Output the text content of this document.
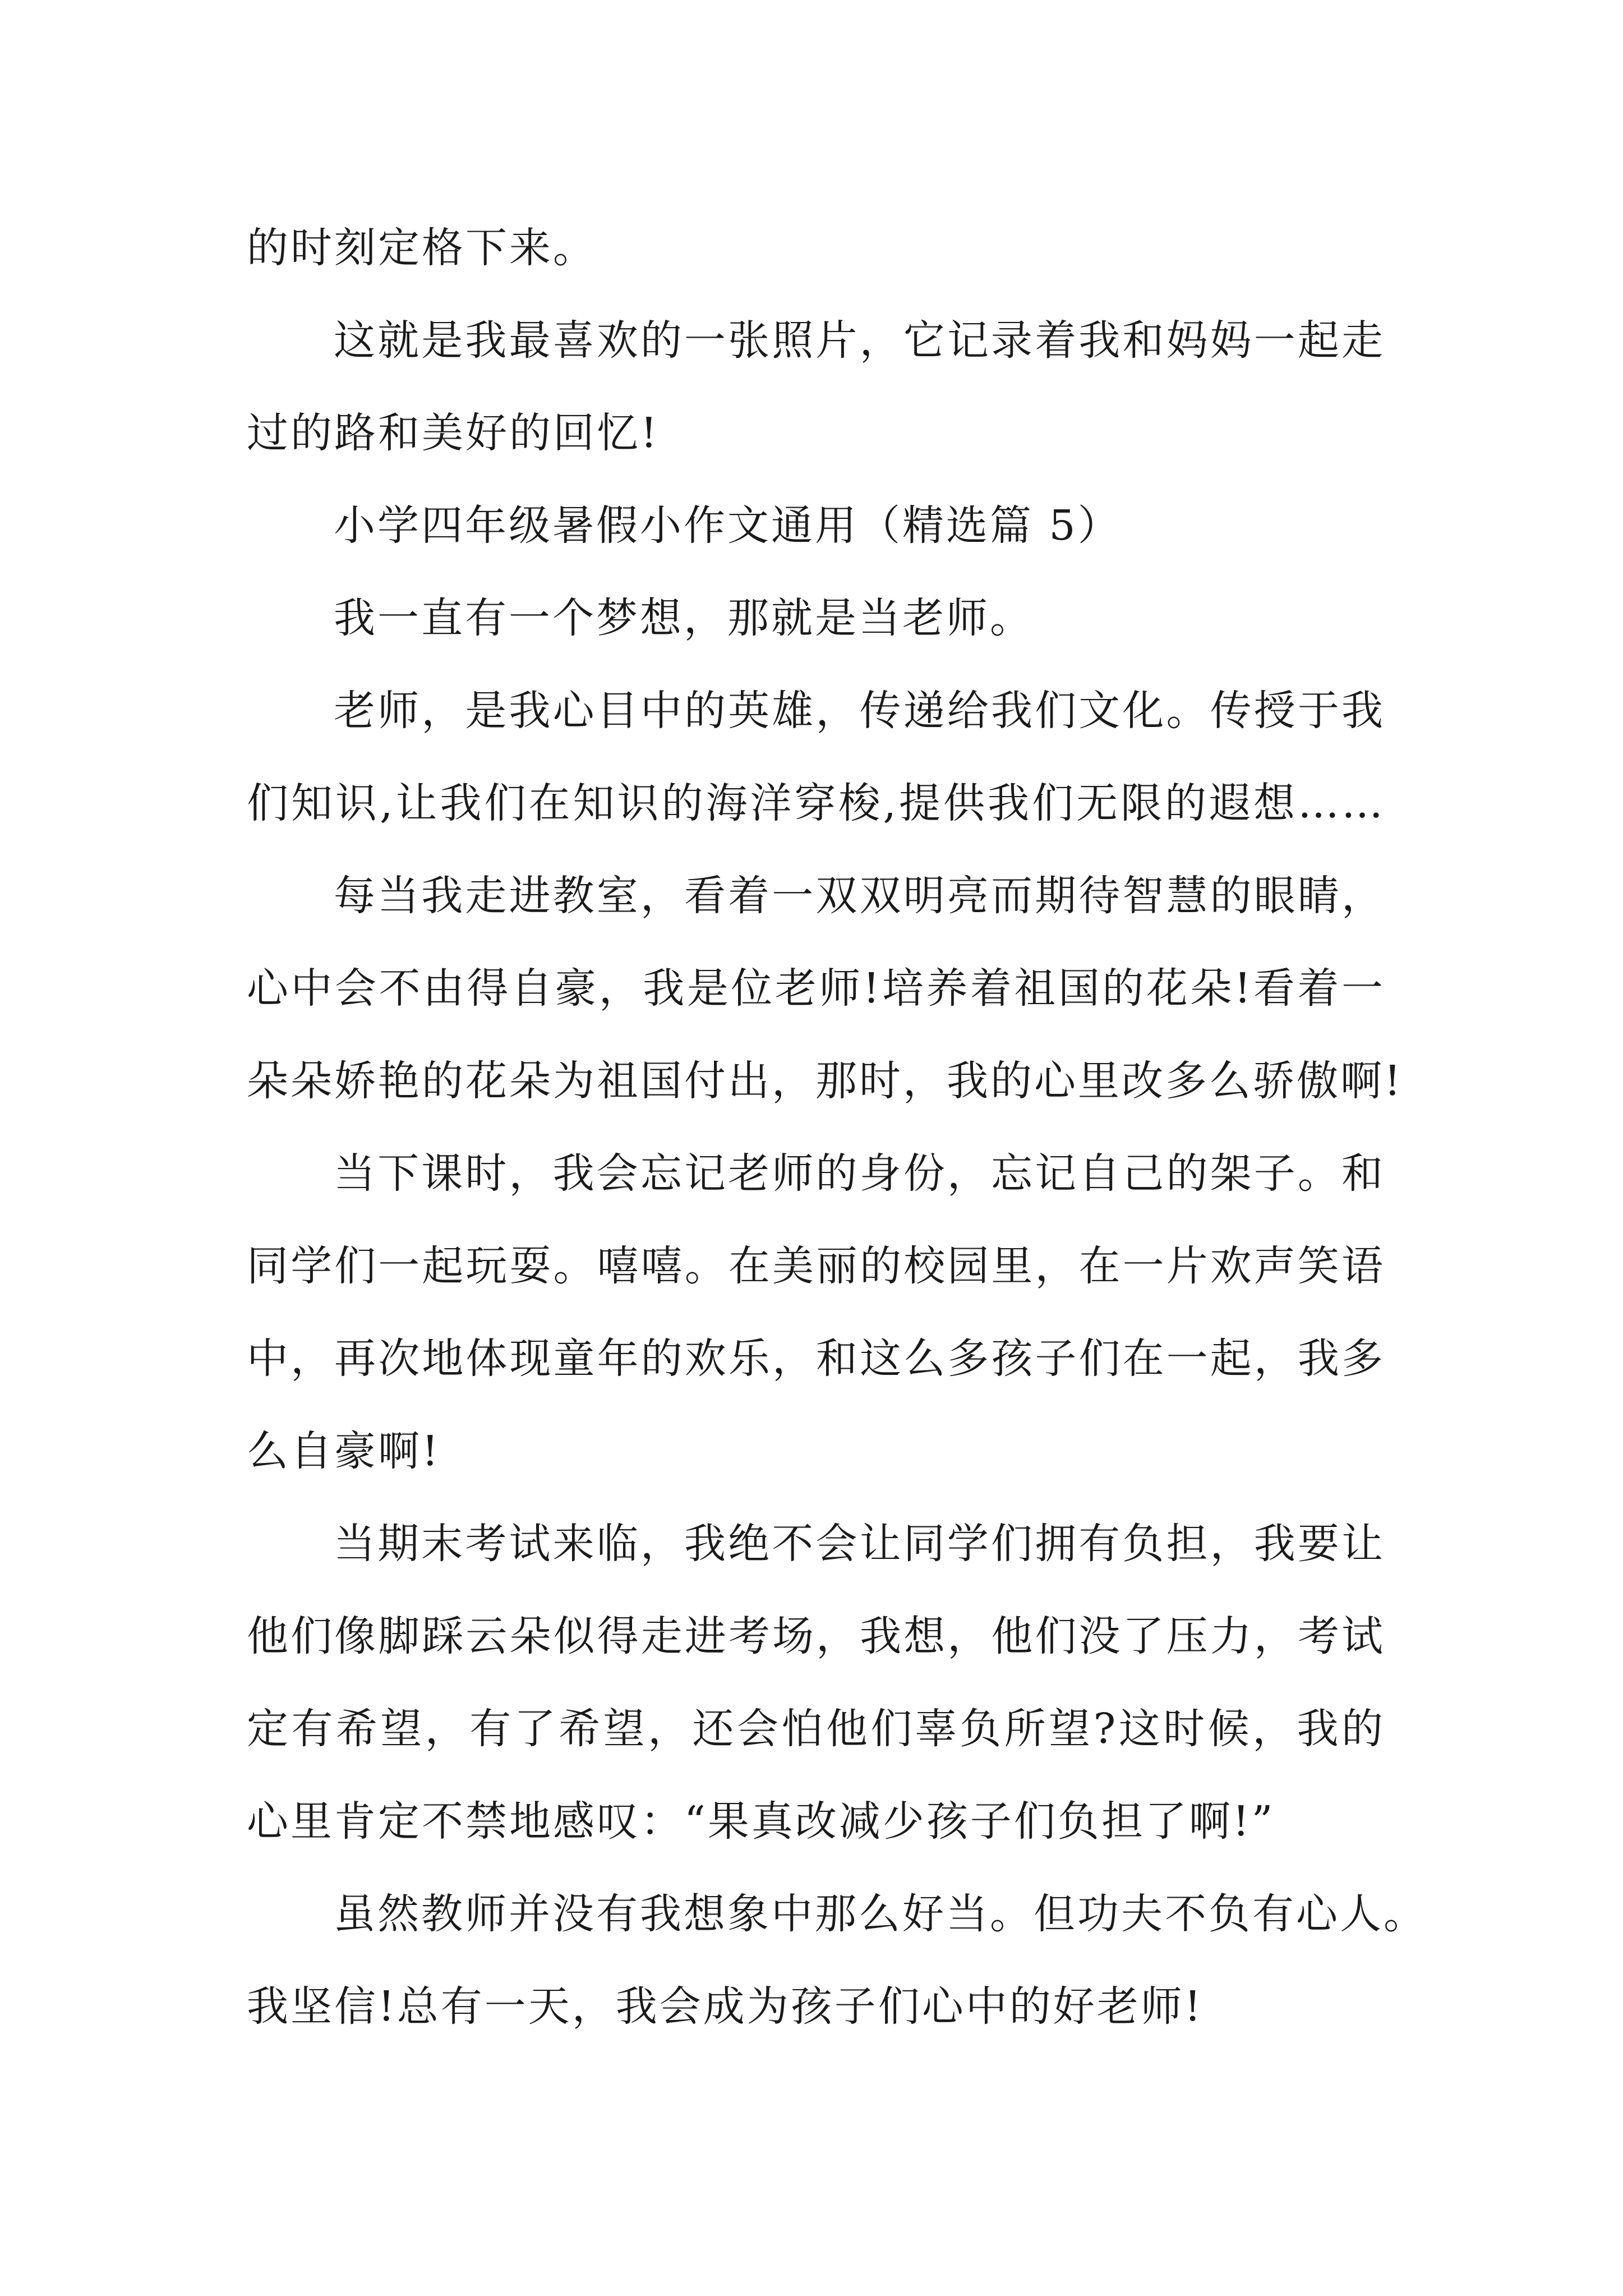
的时刻定格下来。
这就是我最喜欢的一张照片，它记录着我和妈妈一起走
过的路和美好的回忆!
小学四年级暑假小作文通用（精选篇 5）
我一直有一个梦想，那就是当老师。
老师，是我心目中的英雄，传递给我们文化。传授于我
们知识,让我们在知识的海洋穿梭,提供我们无限的遐想……
每当我走进教室，看着一双双明亮而期待智慧的眼睛，
心中会不由得自豪，我是位老师!培养着祖国的花朵!看着一
朵朵娇艳的花朵为祖国付出，那时，我的心里改多么骄傲啊!
当下课时，我会忘记老师的身份，忘记自己的架子。和
同学们一起玩耍。嘻嘻。在美丽的校园里，在一片欢声笑语
中，再次地体现童年的欢乐，和这么多孩子们在一起，我多
么自豪啊!
当期末考试来临，我绝不会让同学们拥有负担，我要让
他们像脚踩云朵似得走进考场，我想，他们没了压力，考试
定有希望，有了希望，还会怕他们辜负所望?这时候，我的
心里肯定不禁地感叹：“果真改减少孩子们负担了啊!”
虽然教师并没有我想象中那么好当。但功夫不负有心人。
我坚信!总有一天，我会成为孩子们心中的好老师!
